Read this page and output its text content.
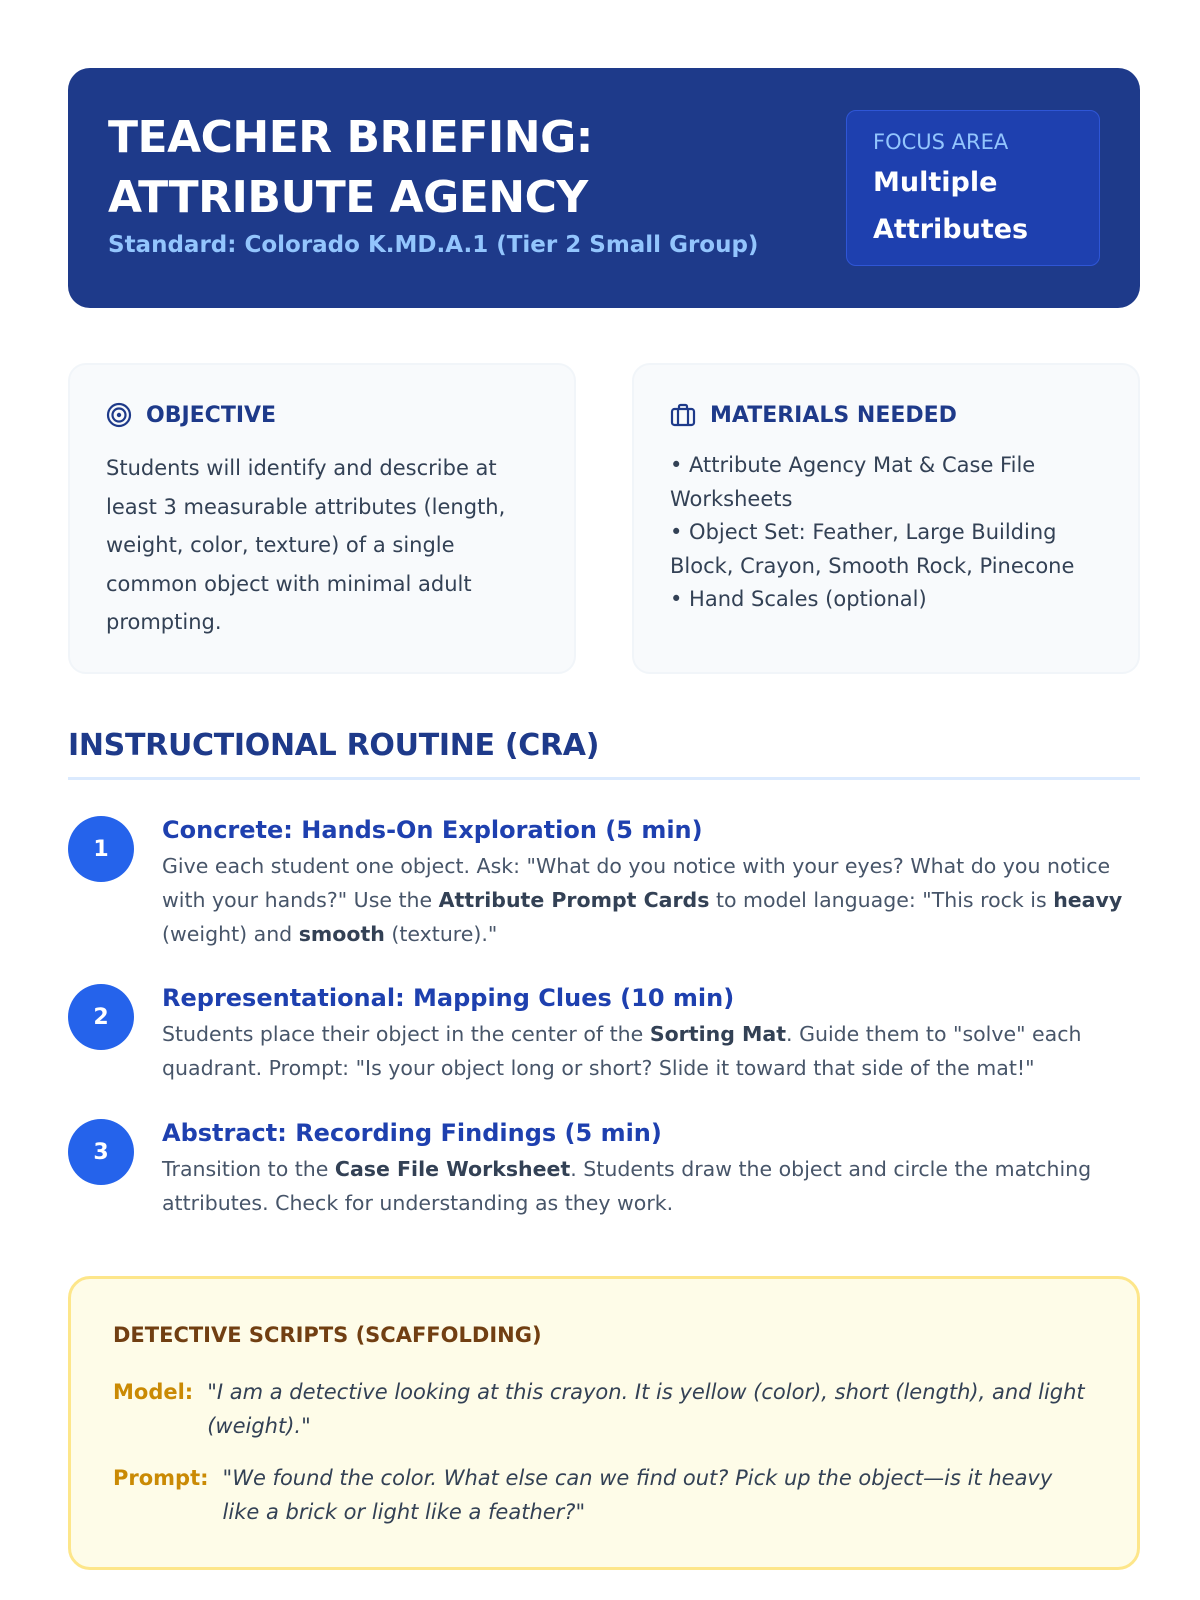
TEACHER BRIEFING:
ATTRIBUTE AGENCY
Standard: Colorado K.MD.A.1 (Tier 2 Small Group)
FOCUS AREA
Multiple
Attributes
OBJECTIVE
Students will identify and describe at least 3 measurable attributes (length, weight, color, texture) of a single common object with minimal adult prompting.
MATERIALS NEEDED
• Attribute Agency Mat & Case File Worksheets
• Object Set: Feather, Large Building Block, Crayon, Smooth Rock, Pinecone
• Hand Scales (optional)
INSTRUCTIONAL ROUTINE (CRA)
1
Concrete: Hands-On Exploration (5 min)
Give each student one object. Ask: "What do you notice with your eyes? What do you notice with your hands?" Use the Attribute Prompt Cards to model language: "This rock is heavy (weight) and smooth (texture)."
2
Representational: Mapping Clues (10 min)
Students place their object in the center of the Sorting Mat. Guide them to "solve" each quadrant. Prompt: "Is your object long or short? Slide it toward that side of the mat!"
3
Abstract: Recording Findings (5 min)
Transition to the Case File Worksheet. Students draw the object and circle the matching attributes. Check for understanding as they work.
DETECTIVE SCRIPTS (SCAFFOLDING)
Model: "I am a detective looking at this crayon. It is yellow (color), short (length), and light (weight)."
Prompt: "We found the color. What else can we find out? Pick up the object—is it heavy like a brick or light like a feather?"
